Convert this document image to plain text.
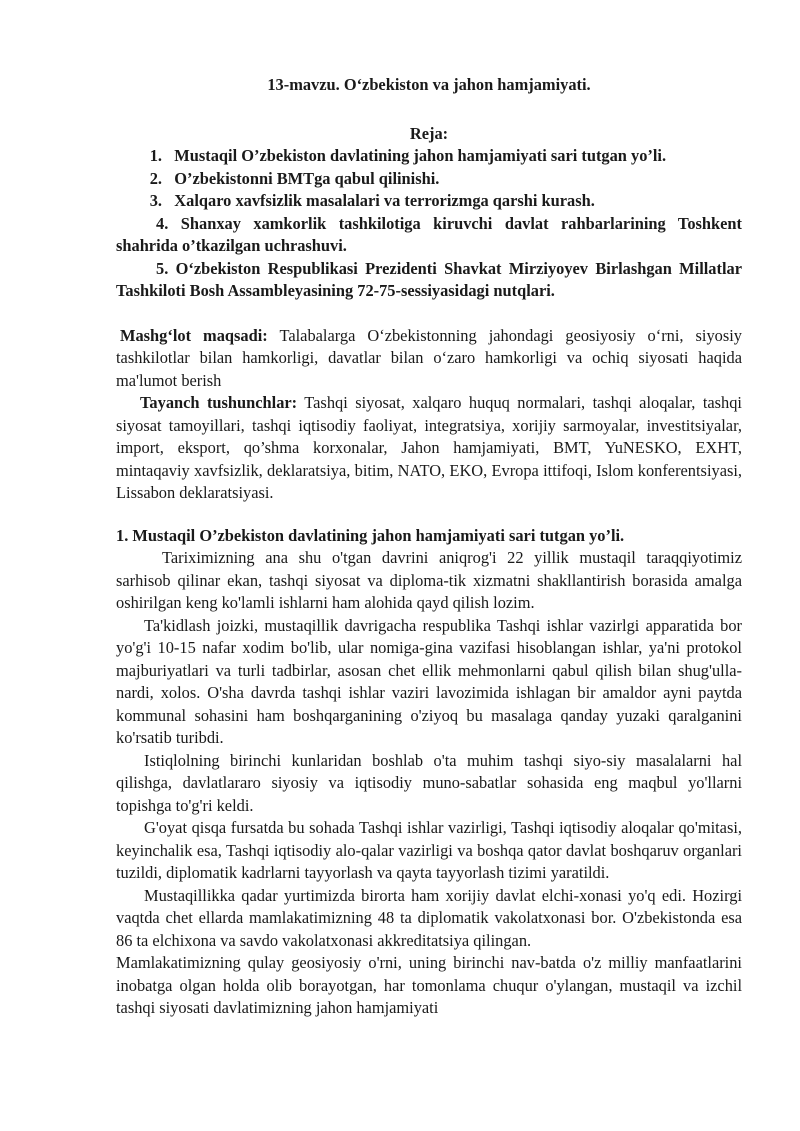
13-mavzu. O‘zbekiston va jahon hamjamiyati.
Reja:
1. Mustaqil O’zbekiston davlatining jahon hamjamiyati sari tutgan yo’li.
2. O’zbekistonni BMTga qabul qilinishi.
3. Xalqaro xavfsizlik masalalari va terrorizmga qarshi kurash.
4. Shanxay xamkorlik tashkilotiga kiruvchi davlat rahbarlarining Toshkent shahrida o’tkazilgan uchrashuvi.
5. O‘zbekiston Respublikasi Prezidenti Shavkat Mirziyoyev Birlashgan Millatlar Tashkiloti Bosh Assambleyasining 72-75-sessiyasidagi nutqlari.

Mashg‘lot maqsadi: Talabalarga O‘zbekistonning jahondagi geosiyosiy o‘rni, siyosiy tashkilotlar bilan hamkorligi, davatlar bilan o‘zaro hamkorligi va ochiq siyosati haqida ma'lumot berish

Tayanch tushunchlar: Tashqi siyosat, xalqaro huquq normalari, tashqi aloqalar, tashqi siyosat tamoyillari, tashqi iqtisodiy faoliyat, integratsiya, xorijiy sarmoyalar, investitsiyalar, import, eksport, qo’shma korxonalar, Jahon hamjamiyati, BMT, YuNESKO, EXHT, mintaqaviy xavfsizlik, deklaratsiya, bitim, NATO, EKO, Evropa ittifoqi, Islom konferentsiyasi, Lissabon deklaratsiyasi.

1. Mustaqil O’zbekiston davlatining jahon hamjamiyati sari tutgan yo’li.

Tariximizning ana shu o'tgan davrini aniqrog'i 22 yillik mustaqil taraqqiyotimiz sarhisob qilinar ekan, tashqi siyosat va diploma-tik xizmatni shakllantirish borasida amalga oshirilgan keng ko'lamli ishlarni ham alohida qayd qilish lozim.

Ta'kidlash joizki, mustaqillik davrigacha respublika Tashqi ishlar vazirlgi apparatida bor yo'g'i 10-15 nafar xodim bo'lib, ular nomiga-gina vazifasi hisoblangan ishlar, ya'ni protokol majburiyatlari va turli tadbirlar, asosan chet ellik mehmonlarni qabul qilish bilan shug'ulla-nardi, xolos. O'sha davrda tashqi ishlar vaziri lavozimida ishlagan bir amaldor ayni paytda kommunal sohasini ham boshqarganining o'ziyoq bu masalaga qanday yuzaki qaralganini ko'rsatib turibdi.

Istiqlolning birinchi kunlaridan boshlab o'ta muhim tashqi siyo-siy masalalarni hal qilishga, davlatlararo siyosiy va iqtisodiy muno-sabatlar sohasida eng maqbul yo'llarni topishga to'g'ri keldi.

G'oyat qisqa fursatda bu sohada Tashqi ishlar vazirligi, Tashqi iqtisodiy aloqalar qo'mitasi, keyinchalik esa, Tashqi iqtisodiy alo-qalar vazirligi va boshqa qator davlat boshqaruv organlari tuzildi, diplomatik kadrlarni tayyorlash va qayta tayyorlash tizimi yaratildi.

Mustaqillikka qadar yurtimizda birorta ham xorijiy davlat elchi-xonasi yo'q edi. Hozirgi vaqtda chet ellarda mamlakatimizning 48 ta diplomatik vakolatxonasi bor. O'zbekistonda esa 86 ta elchixona va savdo vakolatxonasi akkreditatsiya qilingan.

Mamlakatimizning qulay geosiyosiy o'rni, uning birinchi nav-batda o'z milliy manfaatlarini inobatga olgan holda olib borayotgan, har tomonlama chuqur o'ylangan, mustaqil va izchil tashqi siyosati davlatimizning jahon hamjamiyati
